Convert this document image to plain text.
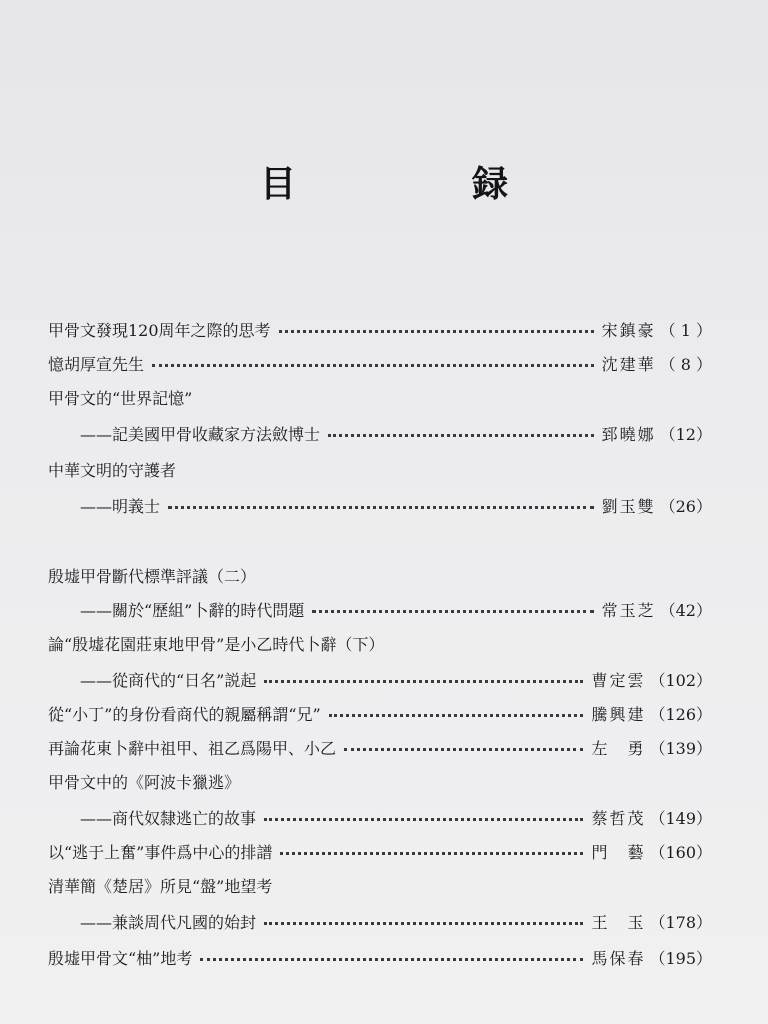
目　録
甲骨文發現120周年之際的思考	宋鎮豪 （ 1 ）
憶胡厚宣先生	沈建華 （ 8 ）
甲骨文的“世界記憶”
——記美國甲骨收藏家方法斂博士	郅曉娜 （12）
中華文明的守護者
——明義士	劉玉雙 （26）
殷墟甲骨斷代標準評議（二）
——關於“歷組”卜辭的時代問題	常玉芝 （42）
論“殷墟花園莊東地甲骨”是小乙時代卜辭（下）
——從商代的“日名”説起	曹定雲 （102）
從“小丁”的身份看商代的親屬稱謂“兄”	騰興建 （126）
再論花東卜辭中祖甲、祖乙爲陽甲、小乙	左　勇 （139）
甲骨文中的《阿波卡獵逃》
——商代奴隸逃亡的故事	蔡哲茂 （149）
以“逃于上奮”事件爲中心的排譜	門　藝 （160）
清華簡《楚居》所見“盤”地望考
——兼談周代凡國的始封	王　玉 （178）
殷墟甲骨文“柚”地考	馬保春 （195）
